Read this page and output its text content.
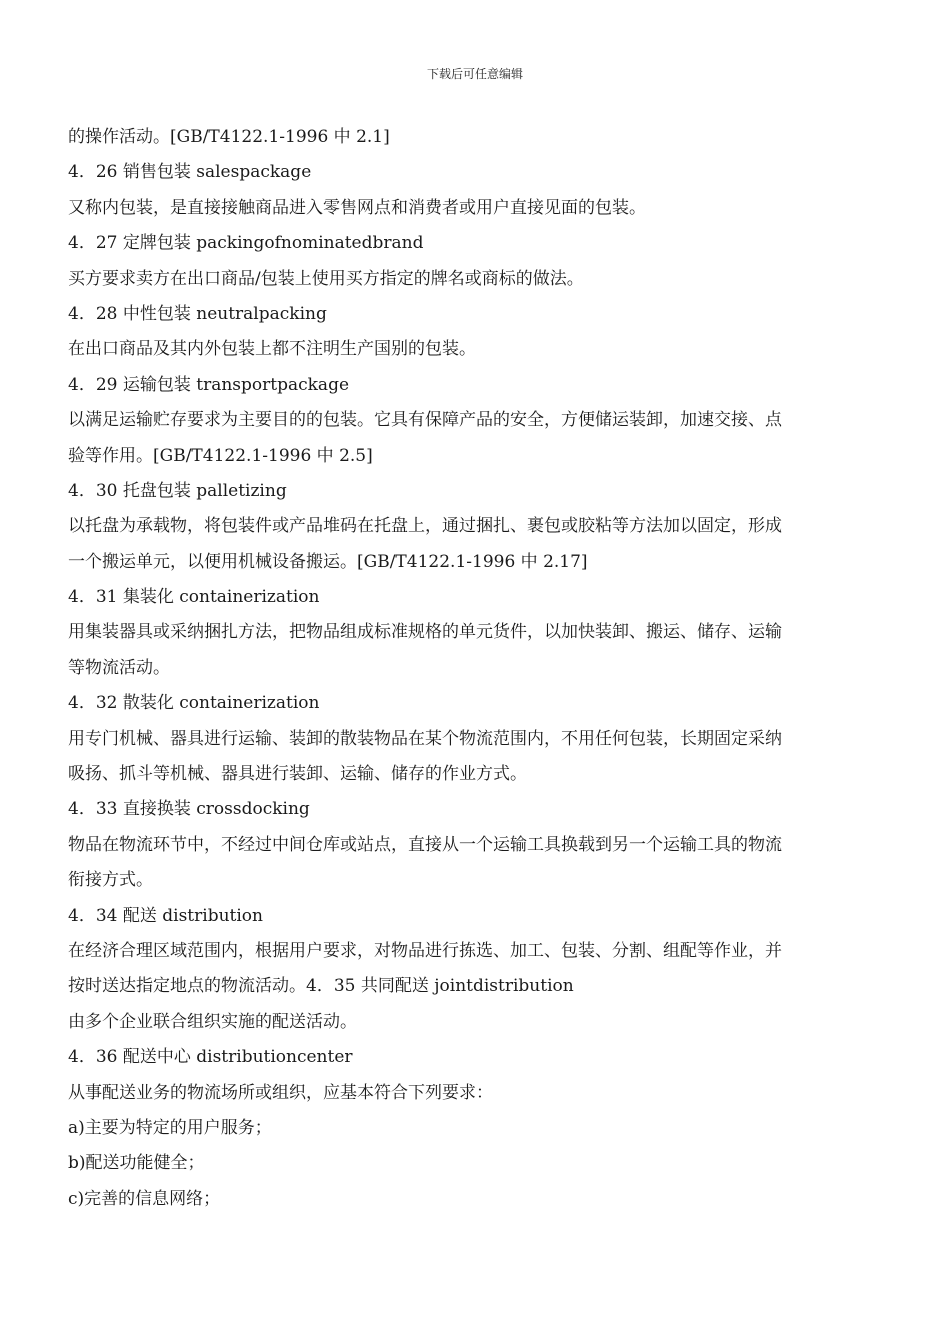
下载后可任意编辑
的操作活动。[GB/T4122.1-1996 中 2.1]
4．26 销售包装 salespackage
又称内包装，是直接接触商品进入零售网点和消费者或用户直接见面的包装。
4．27 定牌包装 packingofnominatedbrand
买方要求卖方在出口商品/包装上使用买方指定的牌名或商标的做法。
4．28 中性包装 neutralpacking
在出口商品及其内外包装上都不注明生产国别的包装。
4．29 运输包装 transportpackage
以满足运输贮存要求为主要目的的包装。它具有保障产品的安全，方便储运装卸，加速交接、点
验等作用。[GB/T4122.1-1996 中 2.5]
4．30 托盘包装 palletizing
以托盘为承载物，将包装件或产品堆码在托盘上，通过捆扎、裹包或胶粘等方法加以固定，形成
一个搬运单元，以便用机械设备搬运。[GB/T4122.1-1996 中 2.17]
4．31 集装化 containerization
用集装器具或采纳捆扎方法，把物品组成标准规格的单元货件，以加快装卸、搬运、储存、运输
等物流活动。
4．32 散装化 containerization
用专门机械、器具进行运输、装卸的散装物品在某个物流范围内，不用任何包装，长期固定采纳
吸扬、抓斗等机械、器具进行装卸、运输、储存的作业方式。
4．33 直接换装 crossdocking
物品在物流环节中，不经过中间仓库或站点，直接从一个运输工具换载到另一个运输工具的物流
衔接方式。
4．34 配送 distribution
在经济合理区域范围内，根据用户要求，对物品进行拣选、加工、包装、分割、组配等作业，并
按时送达指定地点的物流活动。4．35 共同配送 jointdistribution
由多个企业联合组织实施的配送活动。
4．36 配送中心 distributioncenter
从事配送业务的物流场所或组织，应基本符合下列要求：
a)主要为特定的用户服务；
b)配送功能健全；
c)完善的信息网络；
